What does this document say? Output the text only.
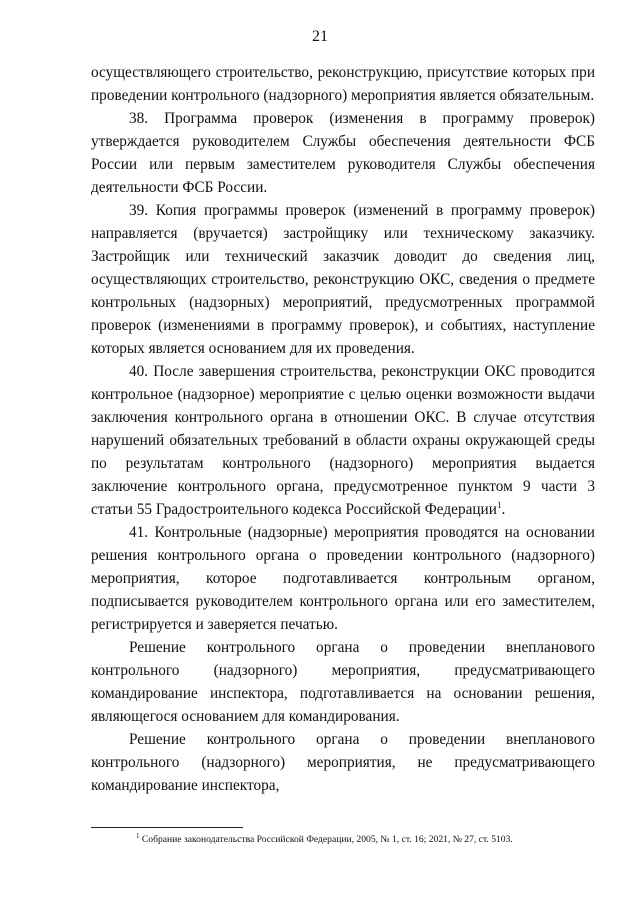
21

осуществляющего строительство, реконструкцию, присутствие которых при проведении контрольного (надзорного) мероприятия является обязательным.

38. Программа проверок (изменения в программу проверок) утверждается руководителем Службы обеспечения деятельности ФСБ России или первым заместителем руководителя Службы обеспечения деятельности ФСБ России.

39. Копия программы проверок (изменений в программу проверок) направляется (вручается) застройщику или техническому заказчику. Застройщик или технический заказчик доводит до сведения лиц, осуществляющих строительство, реконструкцию ОКС, сведения о предмете контрольных (надзорных) мероприятий, предусмотренных программой проверок (изменениями в программу проверок), и событиях, наступление которых является основанием для их проведения.

40. После завершения строительства, реконструкции ОКС проводится контрольное (надзорное) мероприятие с целью оценки возможности выдачи заключения контрольного органа в отношении ОКС. В случае отсутствия нарушений обязательных требований в области охраны окружающей среды по результатам контрольного (надзорного) мероприятия выдается заключение контрольного органа, предусмотренное пунктом 9 части 3 статьи 55 Градостроительного кодекса Российской Федерации$^1$.

41. Контрольные (надзорные) мероприятия проводятся на основании решения контрольного органа о проведении контрольного (надзорного) мероприятия, которое подготавливается контрольным органом, подписывается руководителем контрольного органа или его заместителем, регистрируется и заверяется печатью.

Решение контрольного органа о проведении внепланового контрольного (надзорного) мероприятия, предусматривающего командирование инспектора, подготавливается на основании решения, являющегося основанием для командирования.

Решение контрольного органа о проведении внепланового контрольного (надзорного) мероприятия, не предусматривающего командирование инспектора,

$^1$ Собрание законодательства Российской Федерации, 2005, № 1, ст. 16; 2021, № 27, ст. 5103.
